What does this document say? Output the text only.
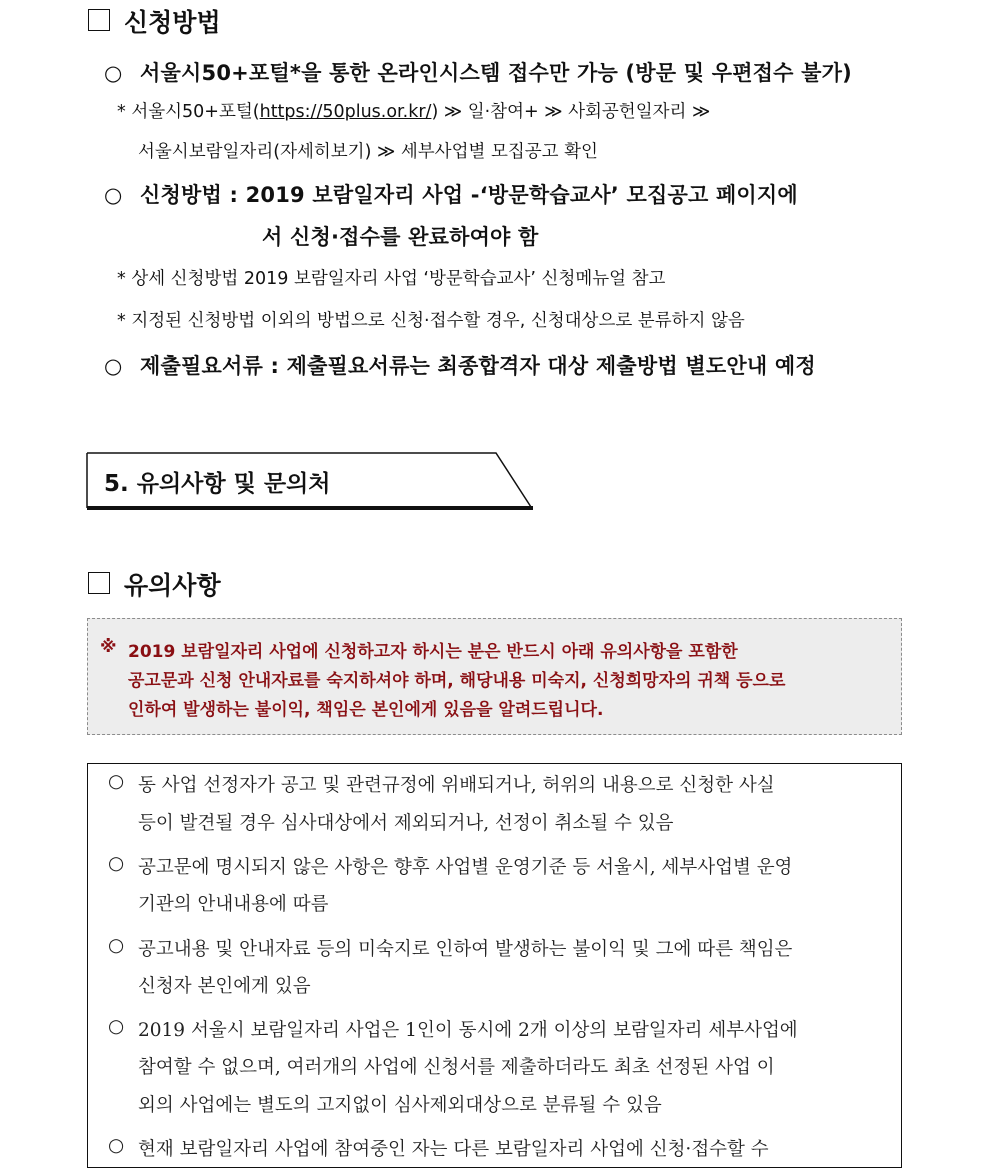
신청방법
○ 서울시50+포털*을 통한 온라인시스템 접수만 가능 (방문 및 우편접수 불가)
* 서울시50+포털(https://50plus.or.kr/) ≫ 일·참여+ ≫ 사회공헌일자리 ≫
서울시보람일자리(자세히보기) ≫ 세부사업별 모집공고 확인
○ 신청방법 : 2019 보람일자리 사업 -‘방문학습교사’ 모집공고 페이지에
서 신청·접수를 완료하여야 함
* 상세 신청방법 2019 보람일자리 사업 ‘방문학습교사’ 신청메뉴얼 참고
* 지정된 신청방법 이외의 방법으로 신청·접수할 경우, 신청대상으로 분류하지 않음
○ 제출필요서류 : 제출필요서류는 최종합격자 대상 제출방법 별도안내 예정
5. 유의사항 및 문의처
유의사항
※ 2019 보람일자리 사업에 신청하고자 하시는 분은 반드시 아래 유의사항을 포함한
공고문과 신청 안내자료를 숙지하셔야 하며, 해당내용 미숙지, 신청희망자의 귀책 등으로
인하여 발생하는 불이익, 책임은 본인에게 있음을 알려드립니다.
○ 동 사업 선정자가 공고 및 관련규정에 위배되거나, 허위의 내용으로 신청한 사실
등이 발견될 경우 심사대상에서 제외되거나, 선정이 취소될 수 있음
○ 공고문에 명시되지 않은 사항은 향후 사업별 운영기준 등 서울시, 세부사업별 운영
기관의 안내내용에 따름
○ 공고내용 및 안내자료 등의 미숙지로 인하여 발생하는 불이익 및 그에 따른 책임은
신청자 본인에게 있음
○ 2019 서울시 보람일자리 사업은 1인이 동시에 2개 이상의 보람일자리 세부사업에
참여할 수 없으며, 여러개의 사업에 신청서를 제출하더라도 최초 선정된 사업 이
외의 사업에는 별도의 고지없이 심사제외대상으로 분류될 수 있음
○ 현재 보람일자리 사업에 참여중인 자는 다른 보람일자리 사업에 신청·접수할 수
